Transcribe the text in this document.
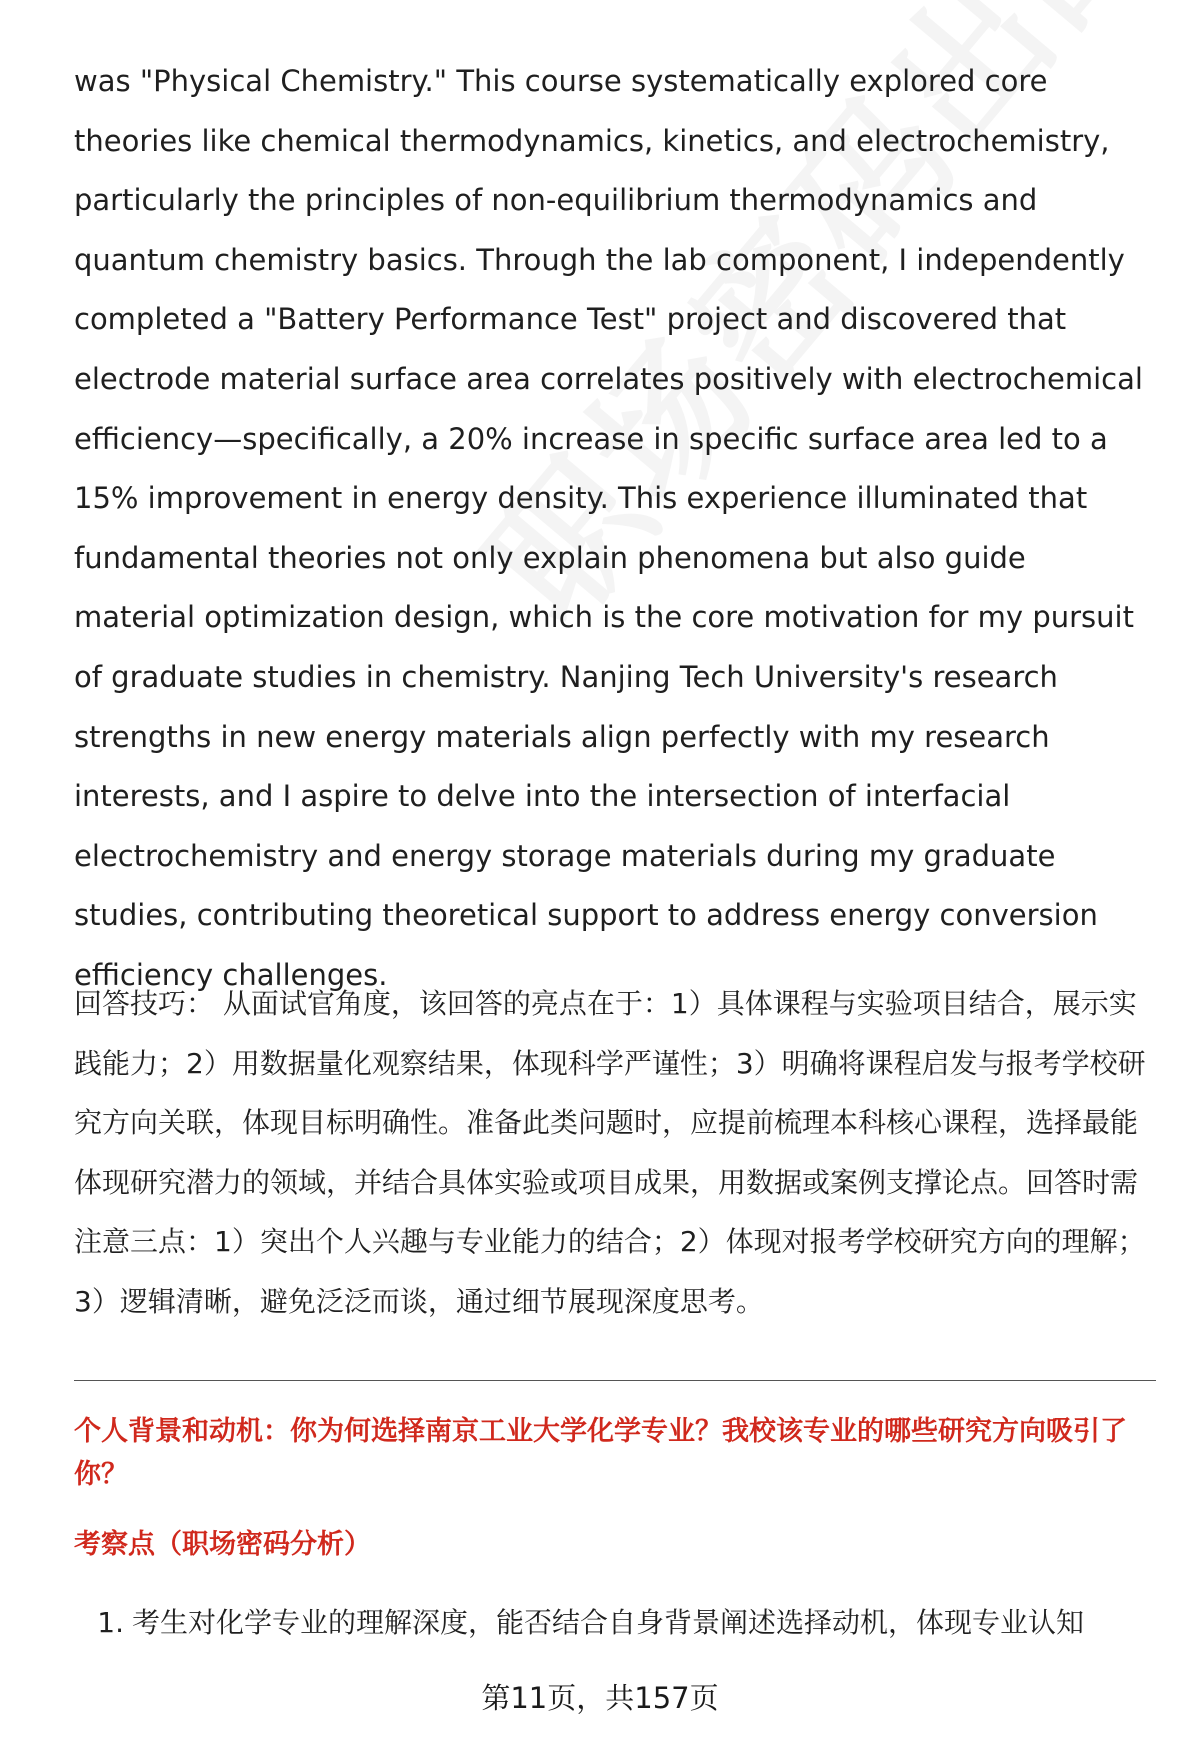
was "Physical Chemistry." This course systematically explored core theories like chemical thermodynamics, kinetics, and electrochemistry, particularly the principles of non-equilibrium thermodynamics and quantum chemistry basics. Through the lab component, I independently completed a "Battery Performance Test" project and discovered that electrode material surface area correlates positively with electrochemical efficiency—specifically, a 20% increase in specific surface area led to a 15% improvement in energy density. This experience illuminated that fundamental theories not only explain phenomena but also guide material optimization design, which is the core motivation for my pursuit of graduate studies in chemistry. Nanjing Tech University's research strengths in new energy materials align perfectly with my research interests, and I aspire to delve into the intersection of interfacial electrochemistry and energy storage materials during my graduate studies, contributing theoretical support to address energy conversion efficiency challenges.

回答技巧： 从面试官角度，该回答的亮点在于：1）具体课程与实验项目结合，展示实践能力；2）用数据量化观察结果，体现科学严谨性；3）明确将课程启发与报考学校研究方向关联，体现目标明确性。准备此类问题时，应提前梳理本科核心课程，选择最能体现研究潜力的领域，并结合具体实验或项目成果，用数据或案例支撑论点。回答时需注意三点：1）突出个人兴趣与专业能力的结合；2）体现对报考学校研究方向的理解；3）逻辑清晰，避免泛泛而谈，通过细节展现深度思考。

个人背景和动机：你为何选择南京工业大学化学专业？我校该专业的哪些研究方向吸引了你？
考察点（职场密码分析）
1. 考生对化学专业的理解深度，能否结合自身背景阐述选择动机，体现专业认知
第11页，共157页
